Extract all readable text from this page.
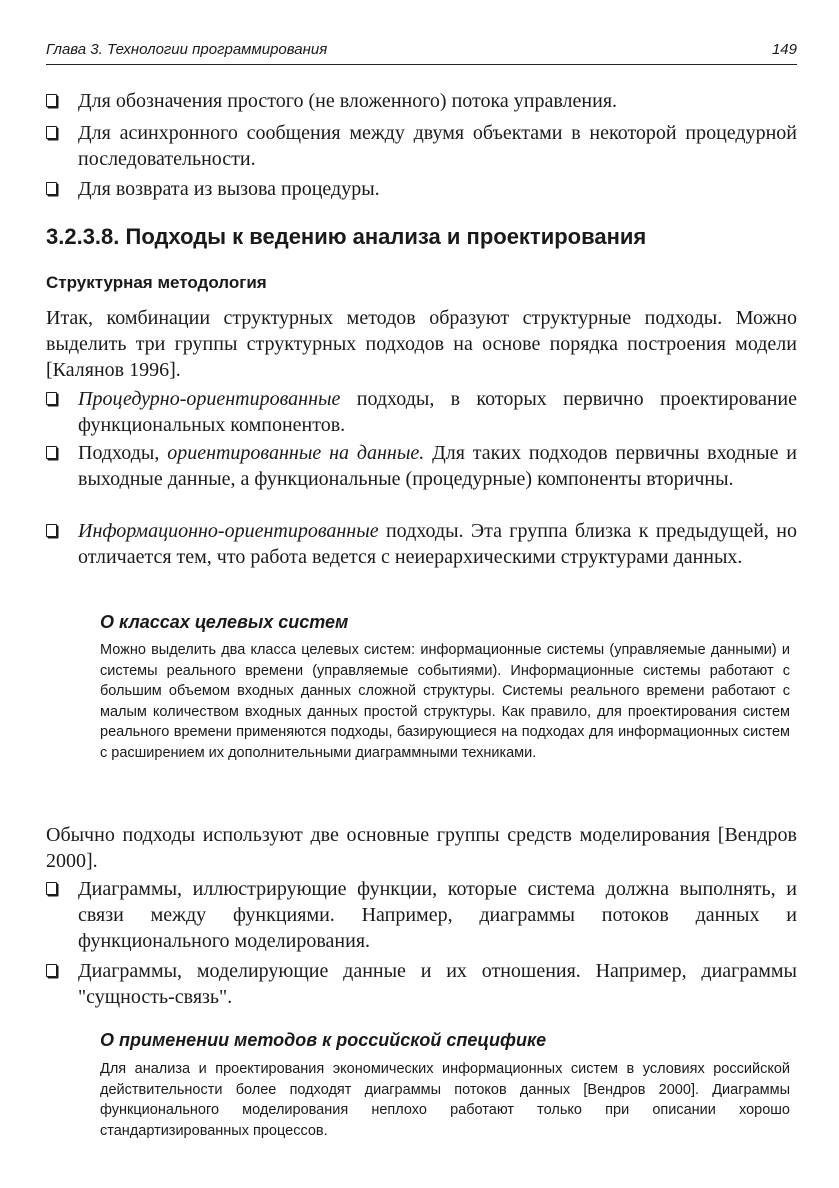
Глава 3. Технологии программирования	149
Для обозначения простого (не вложенного) потока управления.
Для асинхронного сообщения между двумя объектами в некоторой процедурной последовательности.
Для возврата из вызова процедуры.
3.2.3.8. Подходы к ведению анализа и проектирования
Структурная методология
Итак, комбинации структурных методов образуют структурные подходы. Можно выделить три группы структурных подходов на основе порядка построения модели [Калянов 1996].
Процедурно-ориентированные подходы, в которых первично проектирование функциональных компонентов.
Подходы, ориентированные на данные. Для таких подходов первичны входные и выходные данные, а функциональные (процедурные) компоненты вторичны.
Информационно-ориентированные подходы. Эта группа близка к предыдущей, но отличается тем, что работа ведется с неиерархическими структурами данных.
О классах целевых систем
Можно выделить два класса целевых систем: информационные системы (управляемые данными) и системы реального времени (управляемые событиями). Информационные системы работают с большим объемом входных данных сложной структуры. Системы реального времени работают с малым количеством входных данных простой структуры. Как правило, для проектирования систем реального времени применяются подходы, базирующиеся на подходах для информационных систем с расширением их дополнительными диаграммными техниками.
Обычно подходы используют две основные группы средств моделирования [Вендров 2000].
Диаграммы, иллюстрирующие функции, которые система должна выполнять, и связи между функциями. Например, диаграммы потоков данных и функционального моделирования.
Диаграммы, моделирующие данные и их отношения. Например, диаграммы "сущность-связь".
О применении методов к российской специфике
Для анализа и проектирования экономических информационных систем в условиях российской действительности более подходят диаграммы потоков данных [Вендров 2000]. Диаграммы функционального моделирования неплохо работают только при описании хорошо стандартизированных процессов.
